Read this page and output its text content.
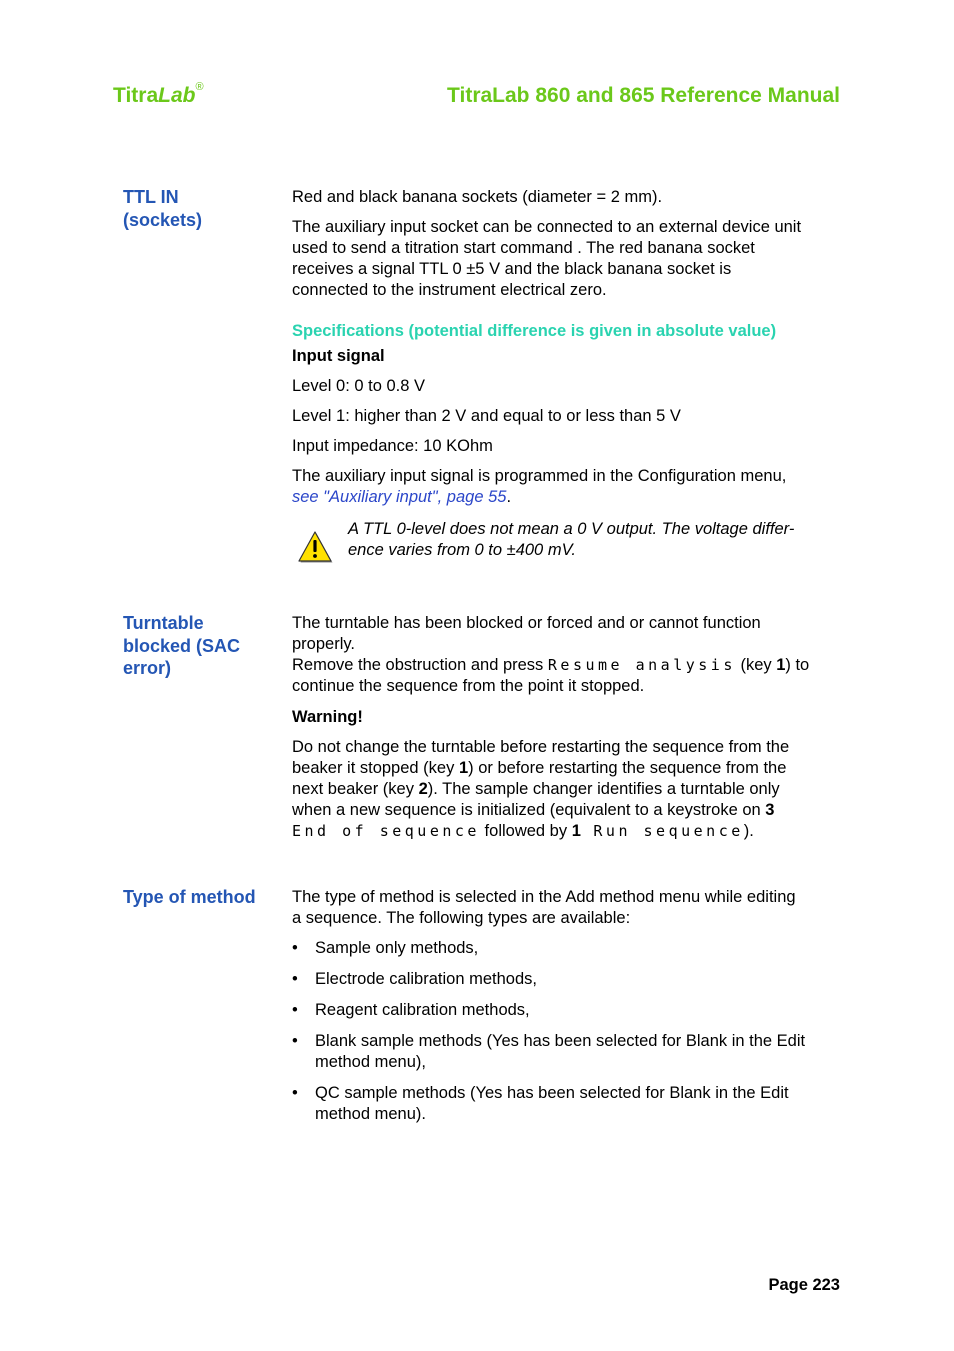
TitraLab®	TitraLab 860 and 865 Reference Manual
TTL IN
(sockets)

Red and black banana sockets (diameter = 2 mm).

The auxiliary input socket can be connected to an external device unit
used to send a titration start command . The red banana socket
receives a signal TTL 0 ±5 V and the black banana socket is
connected to the instrument electrical zero.

Specifications (potential difference is given in absolute value)

Input signal

Level 0: 0 to 0.8 V

Level 1: higher than 2 V and equal to or less than 5 V

Input impedance: 10 KOhm

The auxiliary input signal is programmed in the Configuration menu,
see "Auxiliary input", page 55.

A TTL 0-level does not mean a 0 V output. The voltage differ-
ence varies from 0 to ±400 mV.
Turntable
blocked (SAC
error)

The turntable has been blocked or forced and or cannot function
properly.
Remove the obstruction and press Resume analysis (key 1) to
continue the sequence from the point it stopped.

Warning!

Do not change the turntable before restarting the sequence from the
beaker it stopped (key 1) or before restarting the sequence from the
next beaker (key 2). The sample changer identifies a turntable only
when a new sequence is initialized (equivalent to a keystroke on 3
End of sequence followed by 1 Run sequence).

Type of method	The type of method is selected in the Add method menu while editing
a sequence. The following types are available:

• Sample only methods,
• Electrode calibration methods,
• Reagent calibration methods,
• Blank sample methods (Yes has been selected for Blank in the Edit method menu),
• QC sample methods (Yes has been selected for Blank in the Edit method menu).
Page 223
